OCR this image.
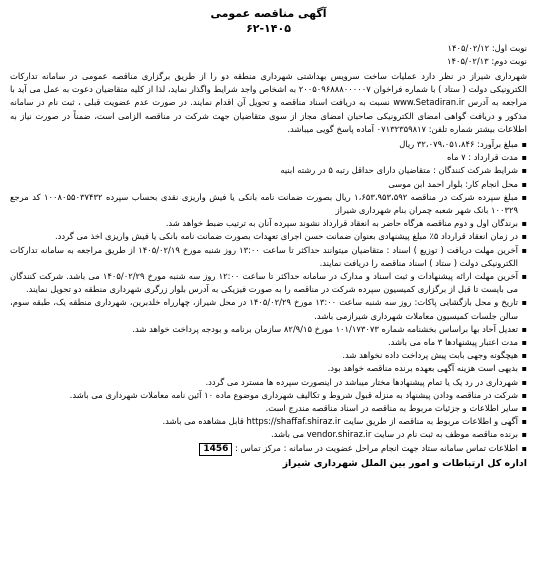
آگهی مناقصه عمومی
۶۲-۱۴۰۵
نوبت اول: ۱۴۰۵/۰۲/۱۲
نوبت دوم: ۱۴۰۵/۰۲/۱۳
شهرداری شیراز در نظر دارد عملیات ساخت سرویس بهداشتی شهرداری منطقه دو را از طریق برگزاری مناقصه عمومی در سامانه تدارکات الکترونیکی دولت ( ستاد ) با شماره فراخوان ۲۰۰۵۰۹۶۸۸۸۰۰۰۰۰۷ به اشخاص واجد شرایط واگذار نماید، لذا از کلیه متقاضیان دعوت به عمل می آید با مراجعه به آدرس www.Setadiran.ir نسبت به دریافت اسناد مناقصه و تحویل آن اقدام نمایند. در صورت عدم عضویت قبلی ، ثبت نام در سامانه مذکور و دریافت گواهی امضای الکترونیکی صاحبان امضای مجاز از سوی متقاضیان جهت شرکت در مناقصه الزامی است، ضمناً در صورت نیاز به اطلاعات بیشتر شماره تلفن: ۰۷۱۳۲۳۵۹۸۱۷ آماده پاسخ گویی میباشد.
▪ مبلغ برآورد: ۳۲،۰۷۹،۰۵۱،۸۴۶ ریال
▪ مدت قرارداد : ۷ ماه
▪ شرایط شرکت کنندگان : متقاضیان دارای حداقل رتبه ۵ در رشته ابنیه
▪ محل انجام کار: بلوار احمد ابن موسی
▪ مبلغ سپرده شرکت در مناقصه ۱،۶۵۳،۹۵۳،۵۹۲ ریال بصورت ضمانت نامه بانکی یا فیش واریزی نقدی بحساب سپرده ۱۰۰۸۰۵۵۰۳۷۴۳۲ کد مرجع ۱۰۰۳۲۹ بانک شهر شعبه چمران بنام شهرداری شیراز
▪ برندگان اول و دوم مناقصه هرگاه حاضر به انعقاد قرارداد نشوند سپرده آنان به ترتیب ضبط خواهد شد.
▪ در زمان انعقاد قرارداد ۵٪ مبلغ پیشنهادی بعنوان ضمانت حسن اجرای تعهدات بصورت ضمانت نامه بانکی یا فیش واریزی اخذ می گردد.
▪ آخرین مهلت دریافت ( توزیع ) اسناد : متقاضیان میتوانند حداکثر تا ساعت ۱۳:۰۰ روز شنبه مورخ ۱۴۰۵/۰۲/۱۹ از طریق مراجعه به سامانه تدارکات الکترونیکی دولت ( ستاد ) اسناد مناقصه را دریافت نمایند.
▪ آخرین مهلت ارائه پیشنهادات و ثبت اسناد و مدارک در سامانه حداکثر تا ساعت ۱۲:۰۰ روز سه شنبه مورخ ۱۴۰۵/۰۲/۲۹ می باشد. شرکت کنندگان می بایست تا قبل از برگزاری کمیسیون سپرده شرکت در مناقصه را به صورت فیزیکی به آدرس بلوار زرگری شهرداری منطقه دو تحویل نمایند.
▪ تاریخ و محل بازگشایی پاکات: روز سه شنبه ساعت ۱۳:۰۰ مورخ ۱۴۰۵/۰۲/۲۹ در محل شیراز، چهارراه خلدبرین، شهرداری منطقه یک، طبقه سوم، سالن جلسات کمیسیون معاملات شهرداری شیرازمی باشد.
▪ تعدیل آحاد بها براساس بخشنامه شماره ۱۰۱/۱۷۳۰۷۳ مورخ ۸۲/۹/۱۵ سازمان برنامه و بودجه پرداخت خواهد شد.
▪ مدت اعتبار پیشنهادها ۳ ماه می باشد.
▪ هیچگونه وجهی بابت پیش پرداخت داده نخواهد شد.
▪ بدیهی است هزینه آگهی بعهده برنده مناقصه خواهد بود.
▪ شهرداری در رد یک یا تمام پیشنهادها مختار میباشد در اینصورت سپرده ها مسترد می گردد.
▪ شرکت در مناقصه ودادن پیشنهاد به منزله قبول شروط و تکالیف شهرداری موضوع ماده ۱۰ آئین نامه معاملات شهرداری می باشد.
▪ سایر اطلاعات و جزئیات مربوط به مناقصه در اسناد مناقصه مندرج است.
▪ آگهی و اطلاعات مربوط به مناقصه از طریق سایت https://shaffaf.shiraz.ir قابل مشاهده می باشد.
▪ برنده مناقصه موظف به ثبت نام در سایت vendor.shiraz.ir می باشد.
▪ اطلاعات تماس سامانه ستاد جهت انجام مراحل عضویت در سامانه : مرکز تماس : 1456
اداره کل ارتباطات و امور بین الملل شهرداری شیراز
